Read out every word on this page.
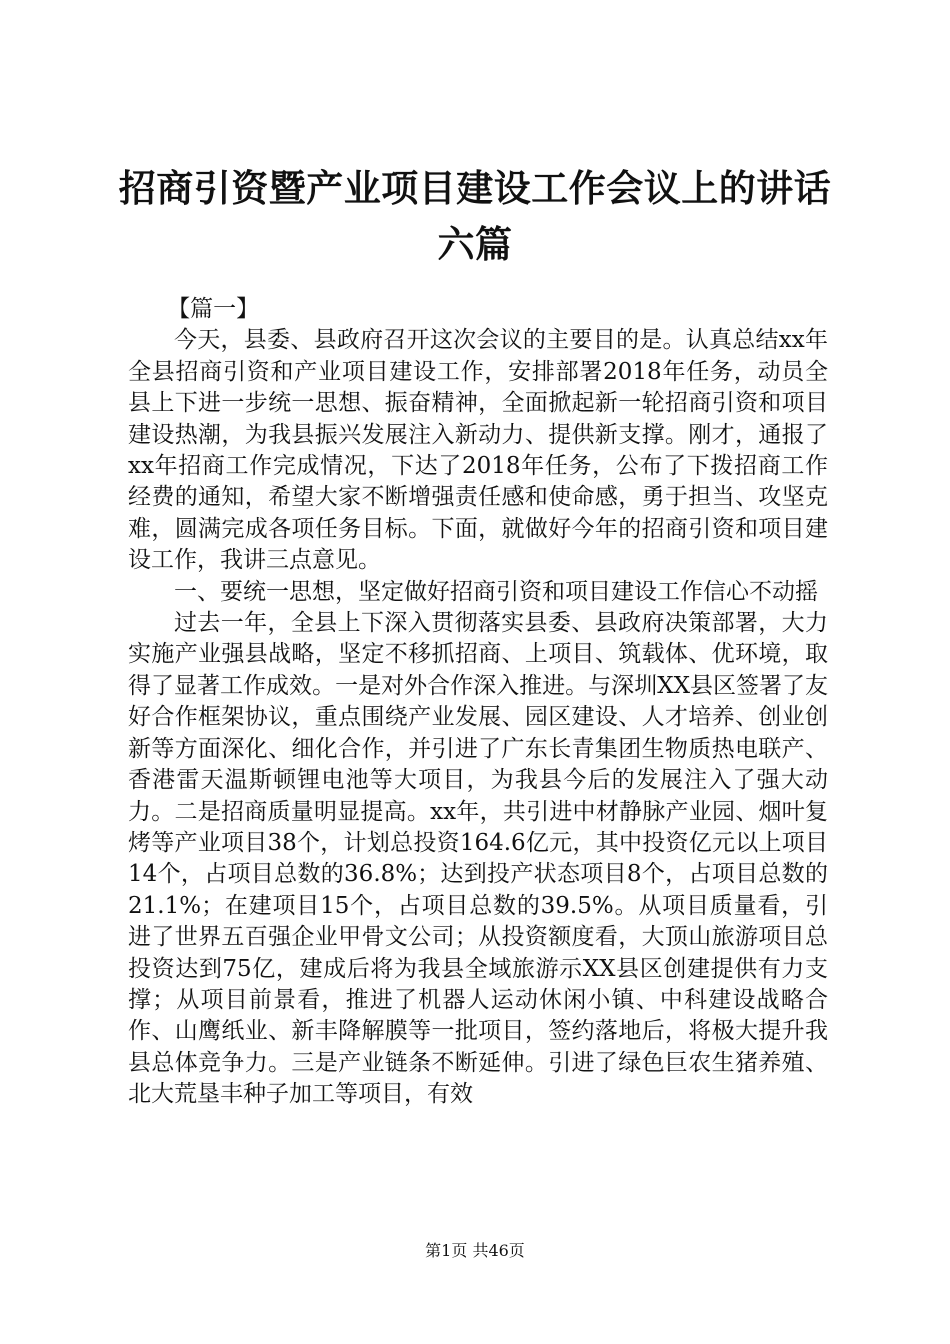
招商引资暨产业项目建设工作会议上的讲话六篇

【篇一】

今天，县委、县政府召开这次会议的主要目的是。认真总结xx年全县招商引资和产业项目建设工作，安排部署2018年任务，动员全县上下进一步统一思想、振奋精神，全面掀起新一轮招商引资和项目建设热潮，为我县振兴发展注入新动力、提供新支撑。刚才，通报了xx年招商工作完成情况，下达了2018年任务，公布了下拨招商工作经费的通知，希望大家不断增强责任感和使命感，勇于担当、攻坚克难，圆满完成各项任务目标。下面，就做好今年的招商引资和项目建设工作，我讲三点意见。

一、要统一思想，坚定做好招商引资和项目建设工作信心不动摇

过去一年，全县上下深入贯彻落实县委、县政府决策部署，大力实施产业强县战略，坚定不移抓招商、上项目、筑载体、优环境，取得了显著工作成效。一是对外合作深入推进。与深圳XX县区签署了友好合作框架协议，重点围绕产业发展、园区建设、人才培养、创业创新等方面深化、细化合作，并引进了广东长青集团生物质热电联产、香港雷天温斯顿锂电池等大项目，为我县今后的发展注入了强大动力。二是招商质量明显提高。xx年，共引进中材静脉产业园、烟叶复烤等产业项目38个，计划总投资164.6亿元，其中投资亿元以上项目14个，占项目总数的36.8%；达到投产状态项目8个，占项目总数的21.1%；在建项目15个，占项目总数的39.5%。从项目质量看，引进了世界五百强企业甲骨文公司；从投资额度看，大顶山旅游项目总投资达到75亿，建成后将为我县全域旅游示XX县区创建提供有力支撑；从项目前景看，推进了机器人运动休闲小镇、中科建设战略合作、山鹰纸业、新丰降解膜等一批项目，签约落地后，将极大提升我县总体竞争力。三是产业链条不断延伸。引进了绿色巨农生猪养殖、北大荒垦丰种子加工等项目，有效

第1页 共46页
